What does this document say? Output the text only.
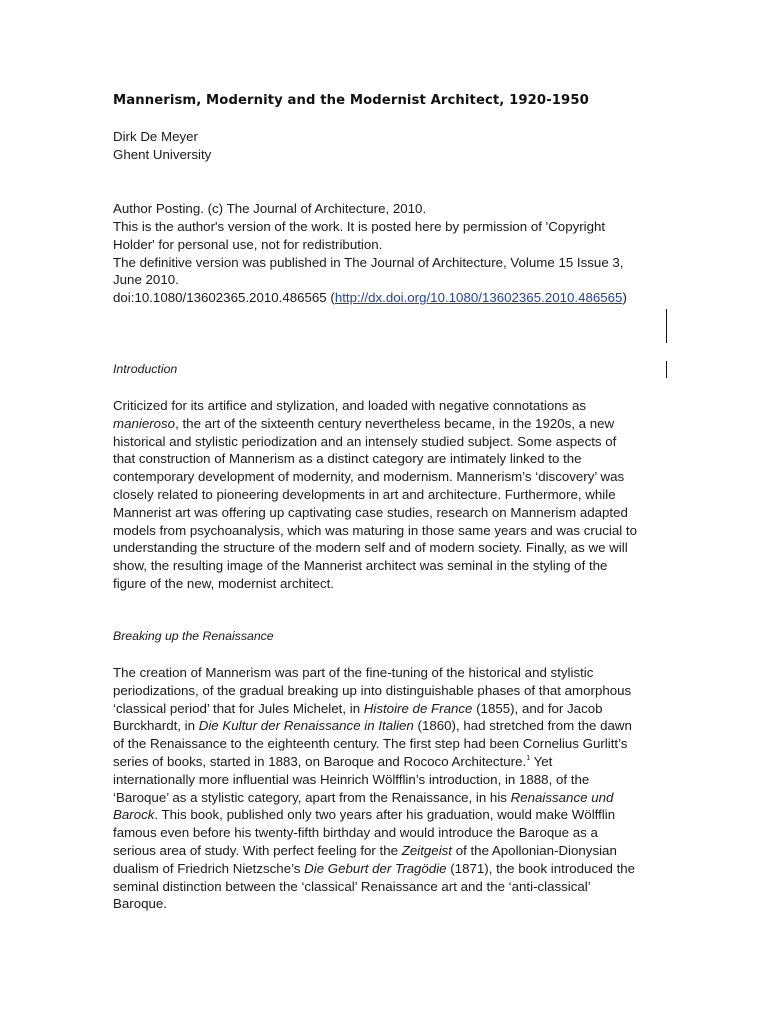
Mannerism, Modernity and the Modernist Architect, 1920-1950
Dirk De Meyer
Ghent University
Author Posting. (c) The Journal of Architecture, 2010.
This is the author's version of the work. It is posted here by permission of 'Copyright
Holder' for personal use, not for redistribution.
The definitive version was published in The Journal of Architecture, Volume 15 Issue 3,
June 2010.
doi:10.1080/13602365.2010.486565 (http://dx.doi.org/10.1080/13602365.2010.486565)
Introduction
Criticized for its artifice and stylization, and loaded with negative connotations as
manieroso, the art of the sixteenth century nevertheless became, in the 1920s, a new
historical and stylistic periodization and an intensely studied subject. Some aspects of
that construction of Mannerism as a distinct category are intimately linked to the
contemporary development of modernity, and modernism. Mannerism’s ‘discovery’ was
closely related to pioneering developments in art and architecture. Furthermore, while
Mannerist art was offering up captivating case studies, research on Mannerism adapted
models from psychoanalysis, which was maturing in those same years and was crucial to
understanding the structure of the modern self and of modern society. Finally, as we will
show, the resulting image of the Mannerist architect was seminal in the styling of the
figure of the new, modernist architect.
Breaking up the Renaissance
The creation of Mannerism was part of the fine-tuning of the historical and stylistic
periodizations, of the gradual breaking up into distinguishable phases of that amorphous
‘classical period’ that for Jules Michelet, in Histoire de France (1855), and for Jacob
Burckhardt, in Die Kultur der Renaissance in Italien (1860), had stretched from the dawn
of the Renaissance to the eighteenth century. The first step had been Cornelius Gurlitt’s
series of books, started in 1883, on Baroque and Rococo Architecture.$^1$ Yet
internationally more influential was Heinrich Wölfflin’s introduction, in 1888, of the
‘Baroque’ as a stylistic category, apart from the Renaissance, in his Renaissance und
Barock. This book, published only two years after his graduation, would make Wölfflin
famous even before his twenty-fifth birthday and would introduce the Baroque as a
serious area of study. With perfect feeling for the Zeitgeist of the Apollonian-Dionysian
dualism of Friedrich Nietzsche’s Die Geburt der Tragödie (1871), the book introduced the
seminal distinction between the ‘classical’ Renaissance art and the ‘anti-classical’
Baroque.
